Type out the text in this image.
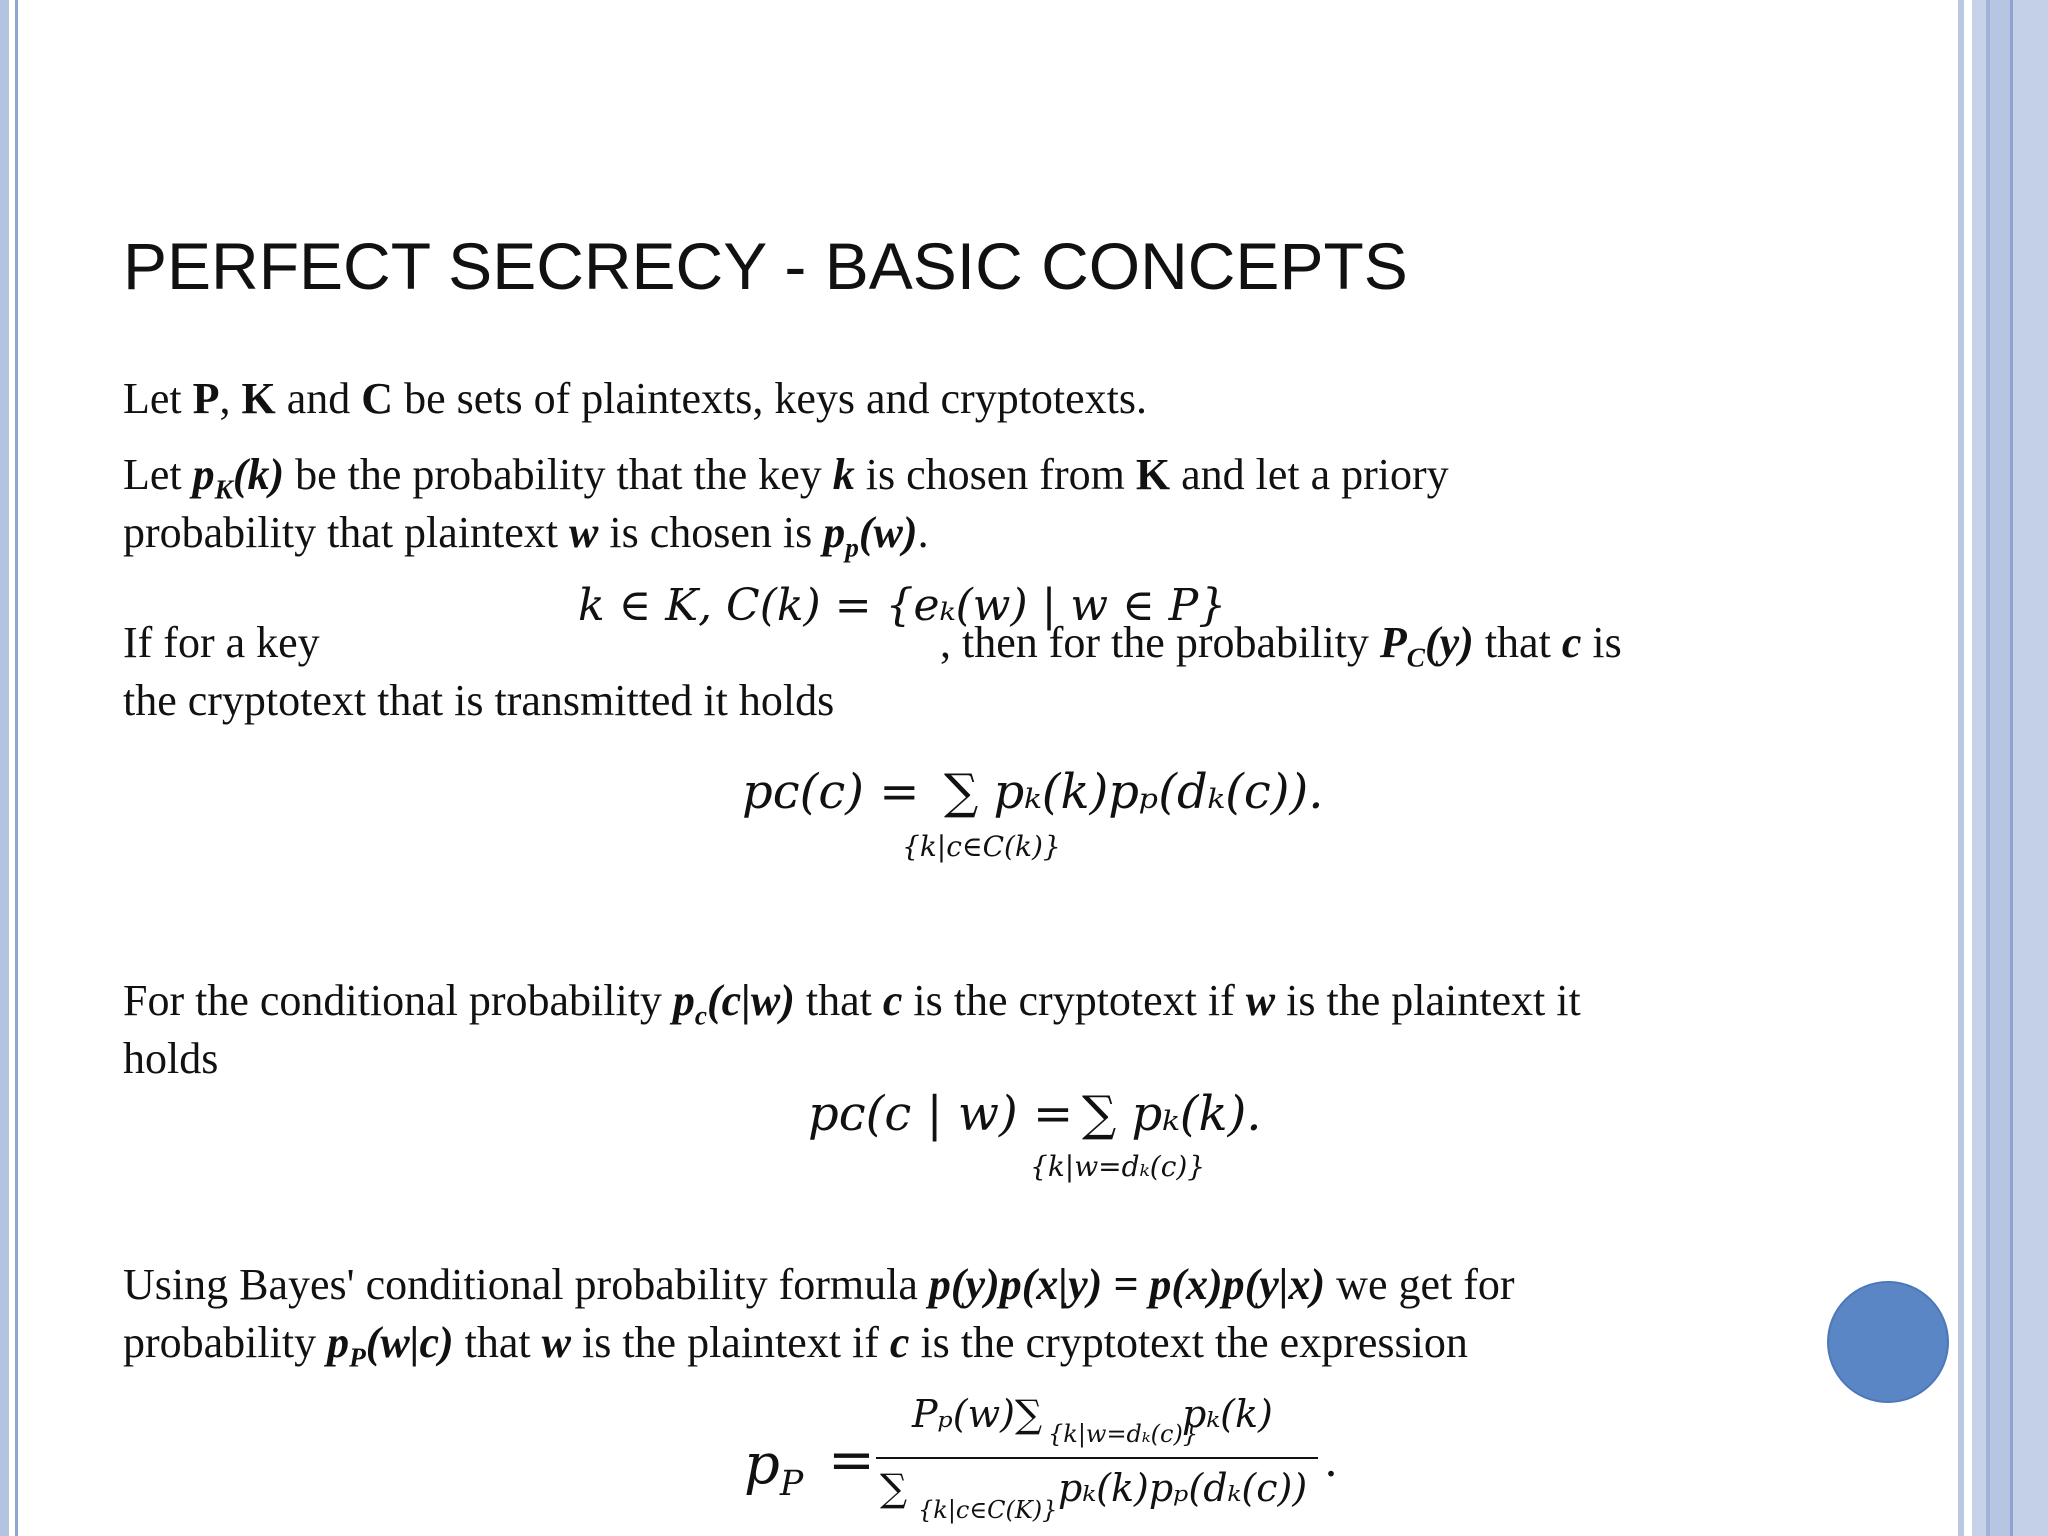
PERFECT SECRECY - BASIC CONCEPTS
Let P, K and C be sets of plaintexts, keys and cryptotexts.
Let $p_K(k)$ be the probability that the key k is chosen from K and let a priory
probability that plaintext w is chosen is $p_p(w)$.
k ∈ K, C(k) = {eₖ(w) | w ∈ P}
If for a key	, then for the probability $P_C(y)$ that c is
the cryptotext that is transmitted it holds
pᴄ(c) = ∑ pₖ(k)pₚ(dₖ(c)).
{k|c∈C(k)}
For the conditional probability $p_c(c|w)$ that c is the cryptotext if w is the plaintext it
holds
pᴄ(c | w) = ∑ pₖ(k).
{k|w=dₖ(c)}
Using Bayes' conditional probability formula p(y)p(x|y) = p(x)p(y|x) we get for
probability $p_P(w|c)$ that w is the plaintext if c is the cryptotext the expression
$p_P$ =
Pₚ(w)∑ {k|w=dₖ(c)}
pₖ(k)
∑ {k|c∈C(K)} pₖ(k)pₚ(dₖ(c))
.
